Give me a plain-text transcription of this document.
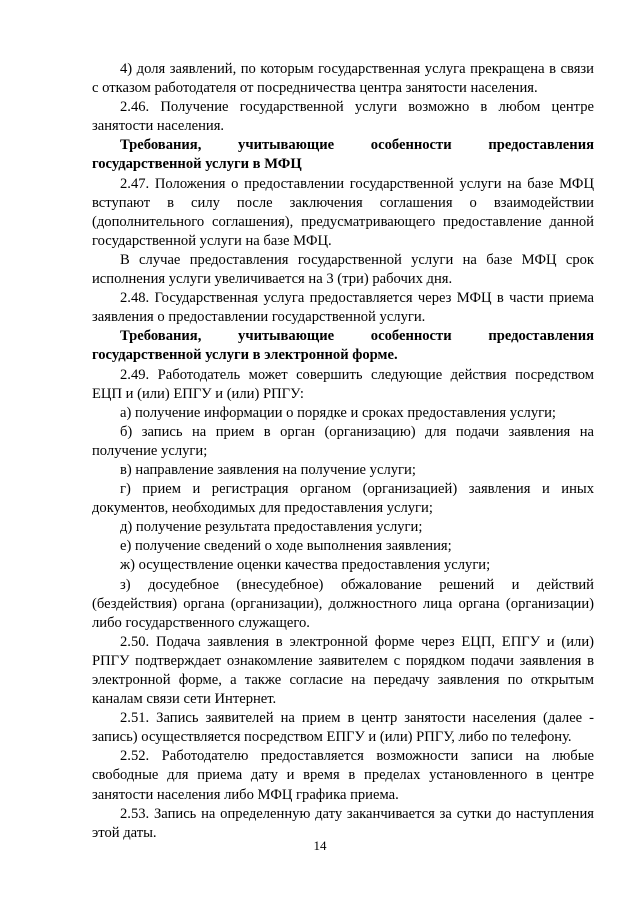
4) доля заявлений, по которым государственная услуга прекращена в связи с отказом работодателя от посредничества центра занятости населения.

2.46. Получение государственной услуги возможно в любом центре занятости населения.

Требования, учитывающие особенности предоставления государственной услуги в МФЦ

2.47. Положения о предоставлении государственной услуги на базе МФЦ вступают в силу после заключения соглашения о взаимодействии (дополнительного соглашения), предусматривающего предоставление данной государственной услуги на базе МФЦ.

В случае предоставления государственной услуги на базе МФЦ срок исполнения услуги увеличивается на 3 (три) рабочих дня.

2.48. Государственная услуга предоставляется через МФЦ в части приема заявления о предоставлении государственной услуги.

Требования, учитывающие особенности предоставления государственной услуги в электронной форме.

2.49. Работодатель может совершить следующие действия посредством ЕЦП и (или) ЕПГУ и (или) РПГУ:

а) получение информации о порядке и сроках предоставления услуги;

б) запись на прием в орган (организацию) для подачи заявления на получение услуги;

в) направление заявления на получение услуги;

г) прием и регистрация органом (организацией) заявления и иных документов, необходимых для предоставления услуги;

д) получение результата предоставления услуги;

е) получение сведений о ходе выполнения заявления;

ж) осуществление оценки качества предоставления услуги;

з) досудебное (внесудебное) обжалование решений и действий (бездействия) органа (организации), должностного лица органа (организации) либо государственного служащего.

2.50. Подача заявления в электронной форме через ЕЦП, ЕПГУ и (или) РПГУ подтверждает ознакомление заявителем с порядком подачи заявления в электронной форме, а также согласие на передачу заявления по открытым каналам связи сети Интернет.

2.51. Запись заявителей на прием в центр занятости населения (далее - запись) осуществляется посредством ЕПГУ и (или) РПГУ, либо по телефону.

2.52. Работодателю предоставляется возможности записи на любые свободные для приема дату и время в пределах установленного в центре занятости населения либо МФЦ графика приема.

2.53. Запись на определенную дату заканчивается за сутки до наступления этой даты.

14
